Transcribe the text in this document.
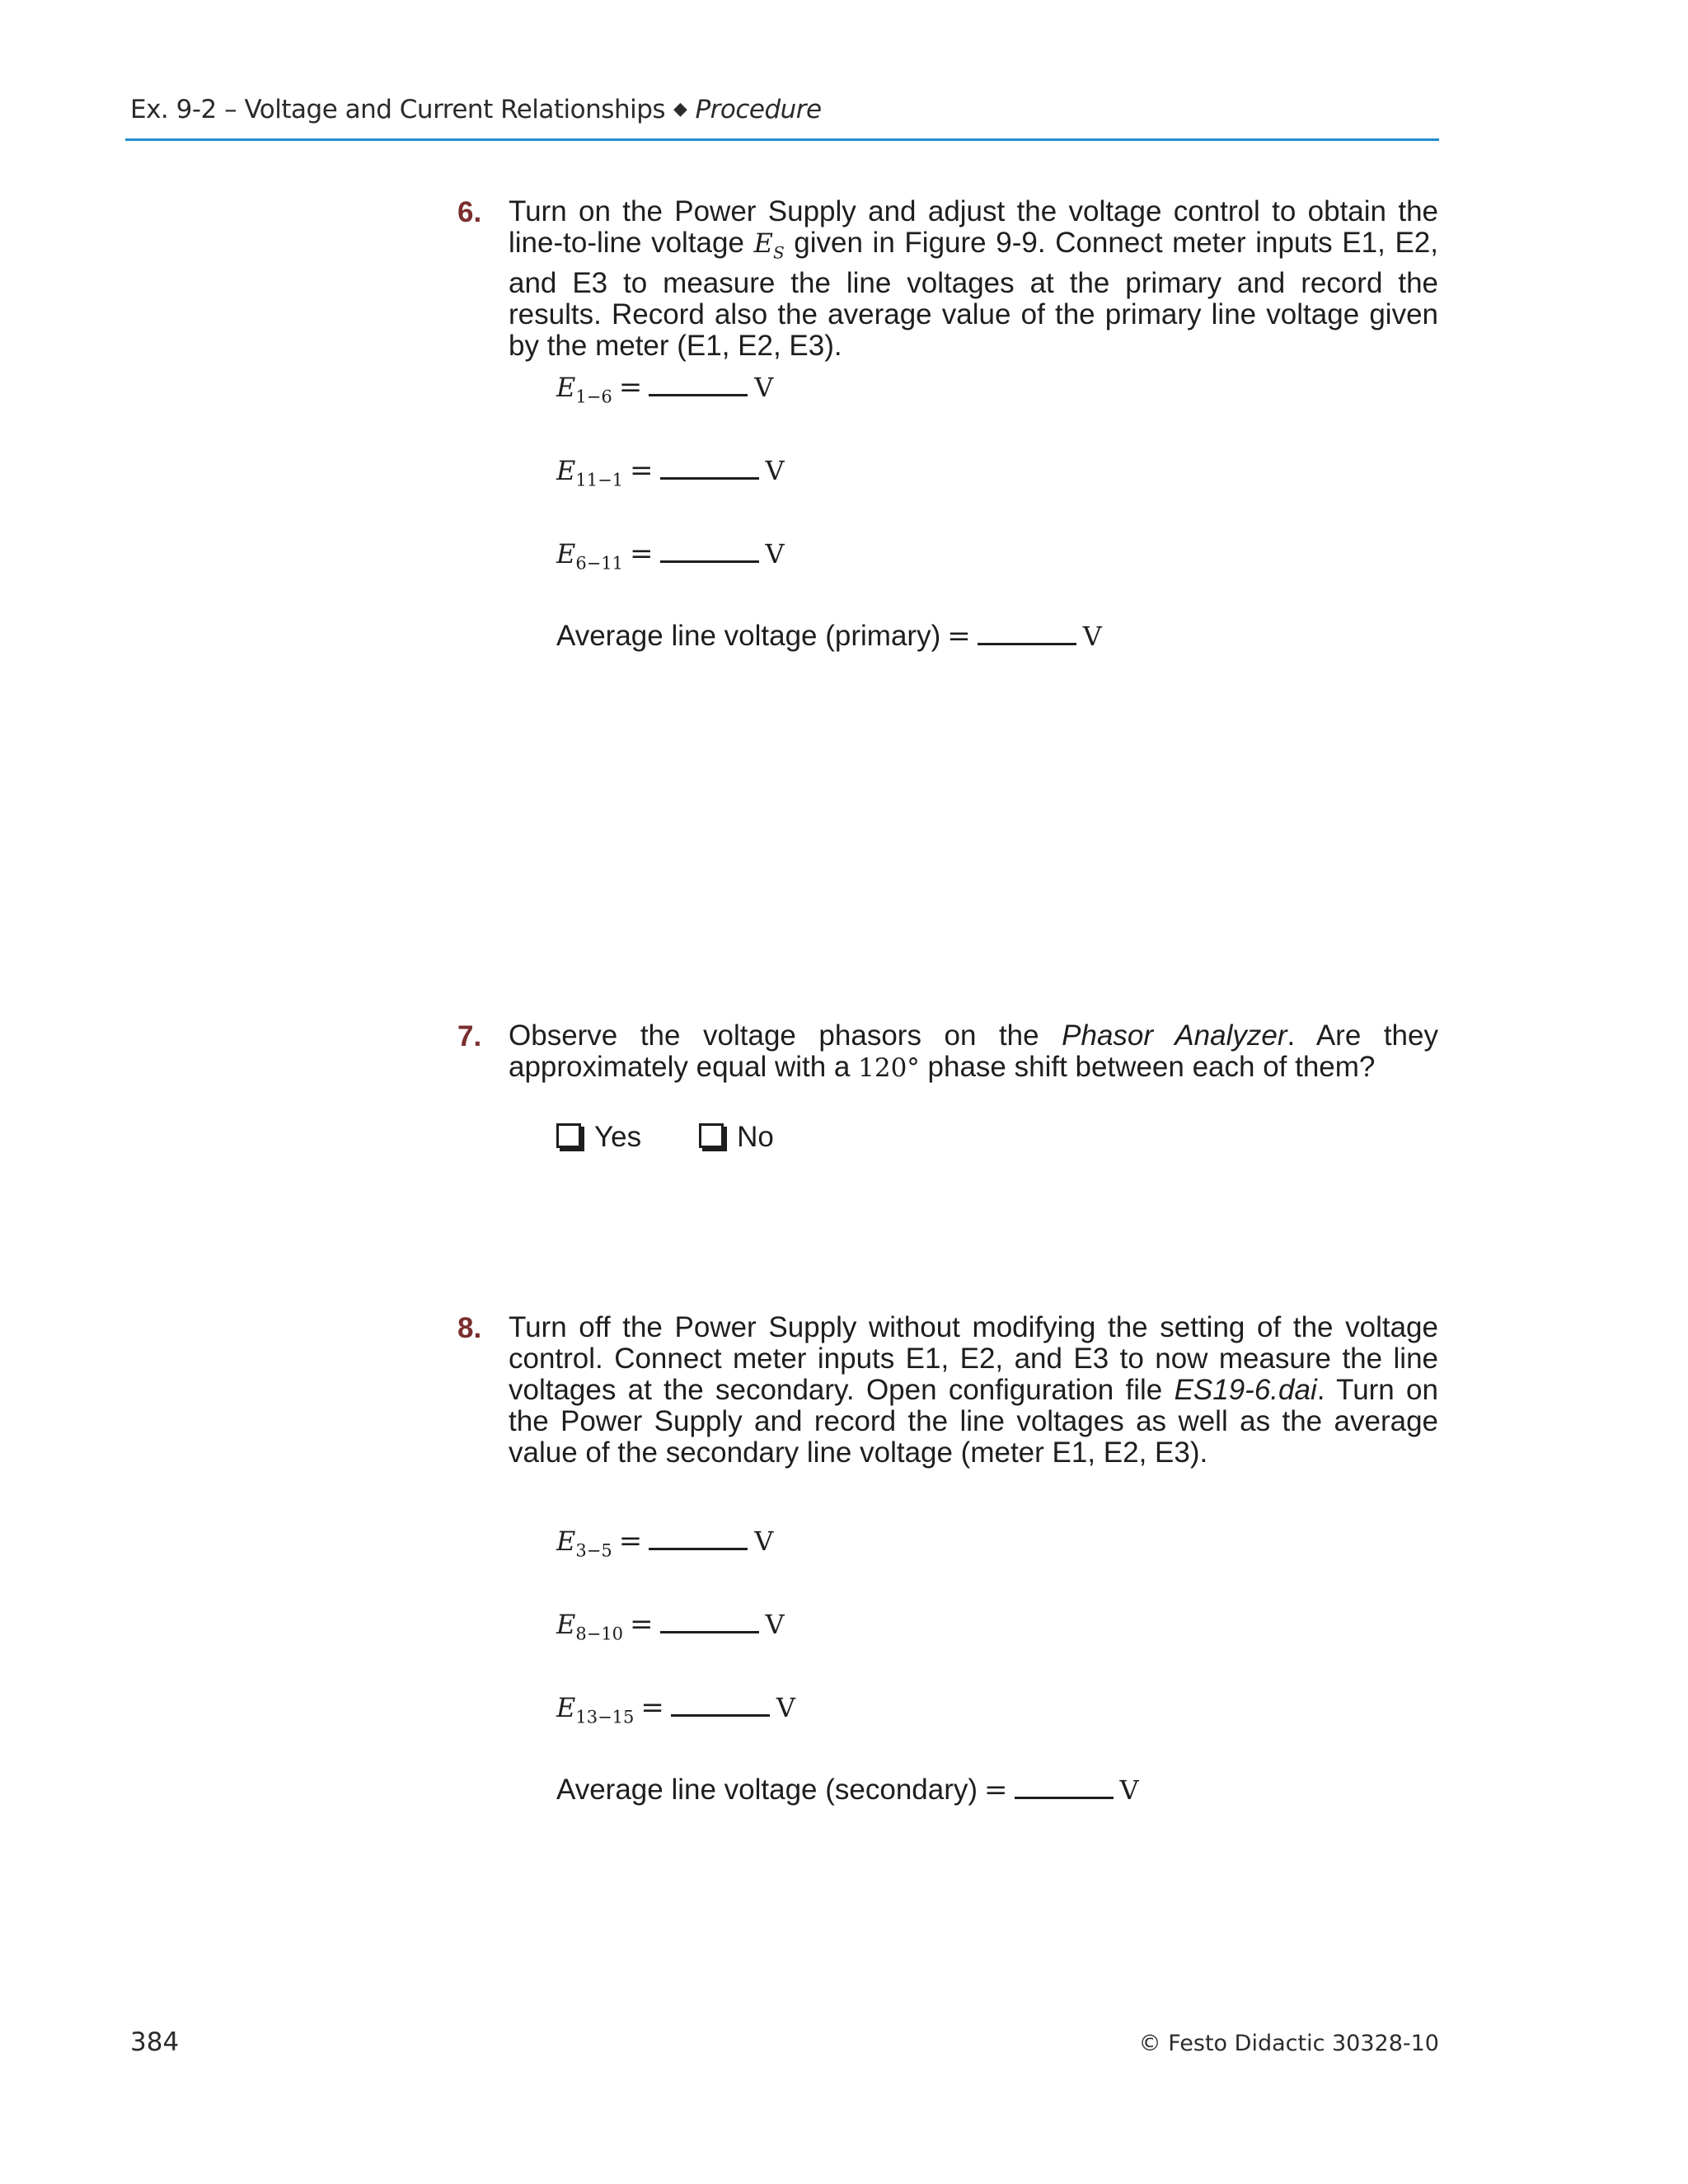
Ex. 9-2 – Voltage and Current Relationships ◆ Procedure
6. Turn on the Power Supply and adjust the voltage control to obtain the line-to-line voltage $E_S$ given in Figure 9-9. Connect meter inputs E1, E2, and E3 to measure the line voltages at the primary and record the results. Record also the average value of the primary line voltage given by the meter (E1, E2, E3).
$E_{1-6}$ =	V
$E_{11-1}$ =	V
$E_{6-11}$ =	V
Average line voltage (primary) =	V
7. Observe the voltage phasors on the Phasor Analyzer. Are they approximately equal with a 120° phase shift between each of them?
Yes	No
8. Turn off the Power Supply without modifying the setting of the voltage control. Connect meter inputs E1, E2, and E3 to now measure the line voltages at the secondary. Open configuration file ES19-6.dai. Turn on the Power Supply and record the line voltages as well as the average value of the secondary line voltage (meter E1, E2, E3).
$E_{3-5}$ =	V
$E_{8-10}$ =	V
$E_{13-15}$ =	V
Average line voltage (secondary) =	V
384	© Festo Didactic 30328-10
